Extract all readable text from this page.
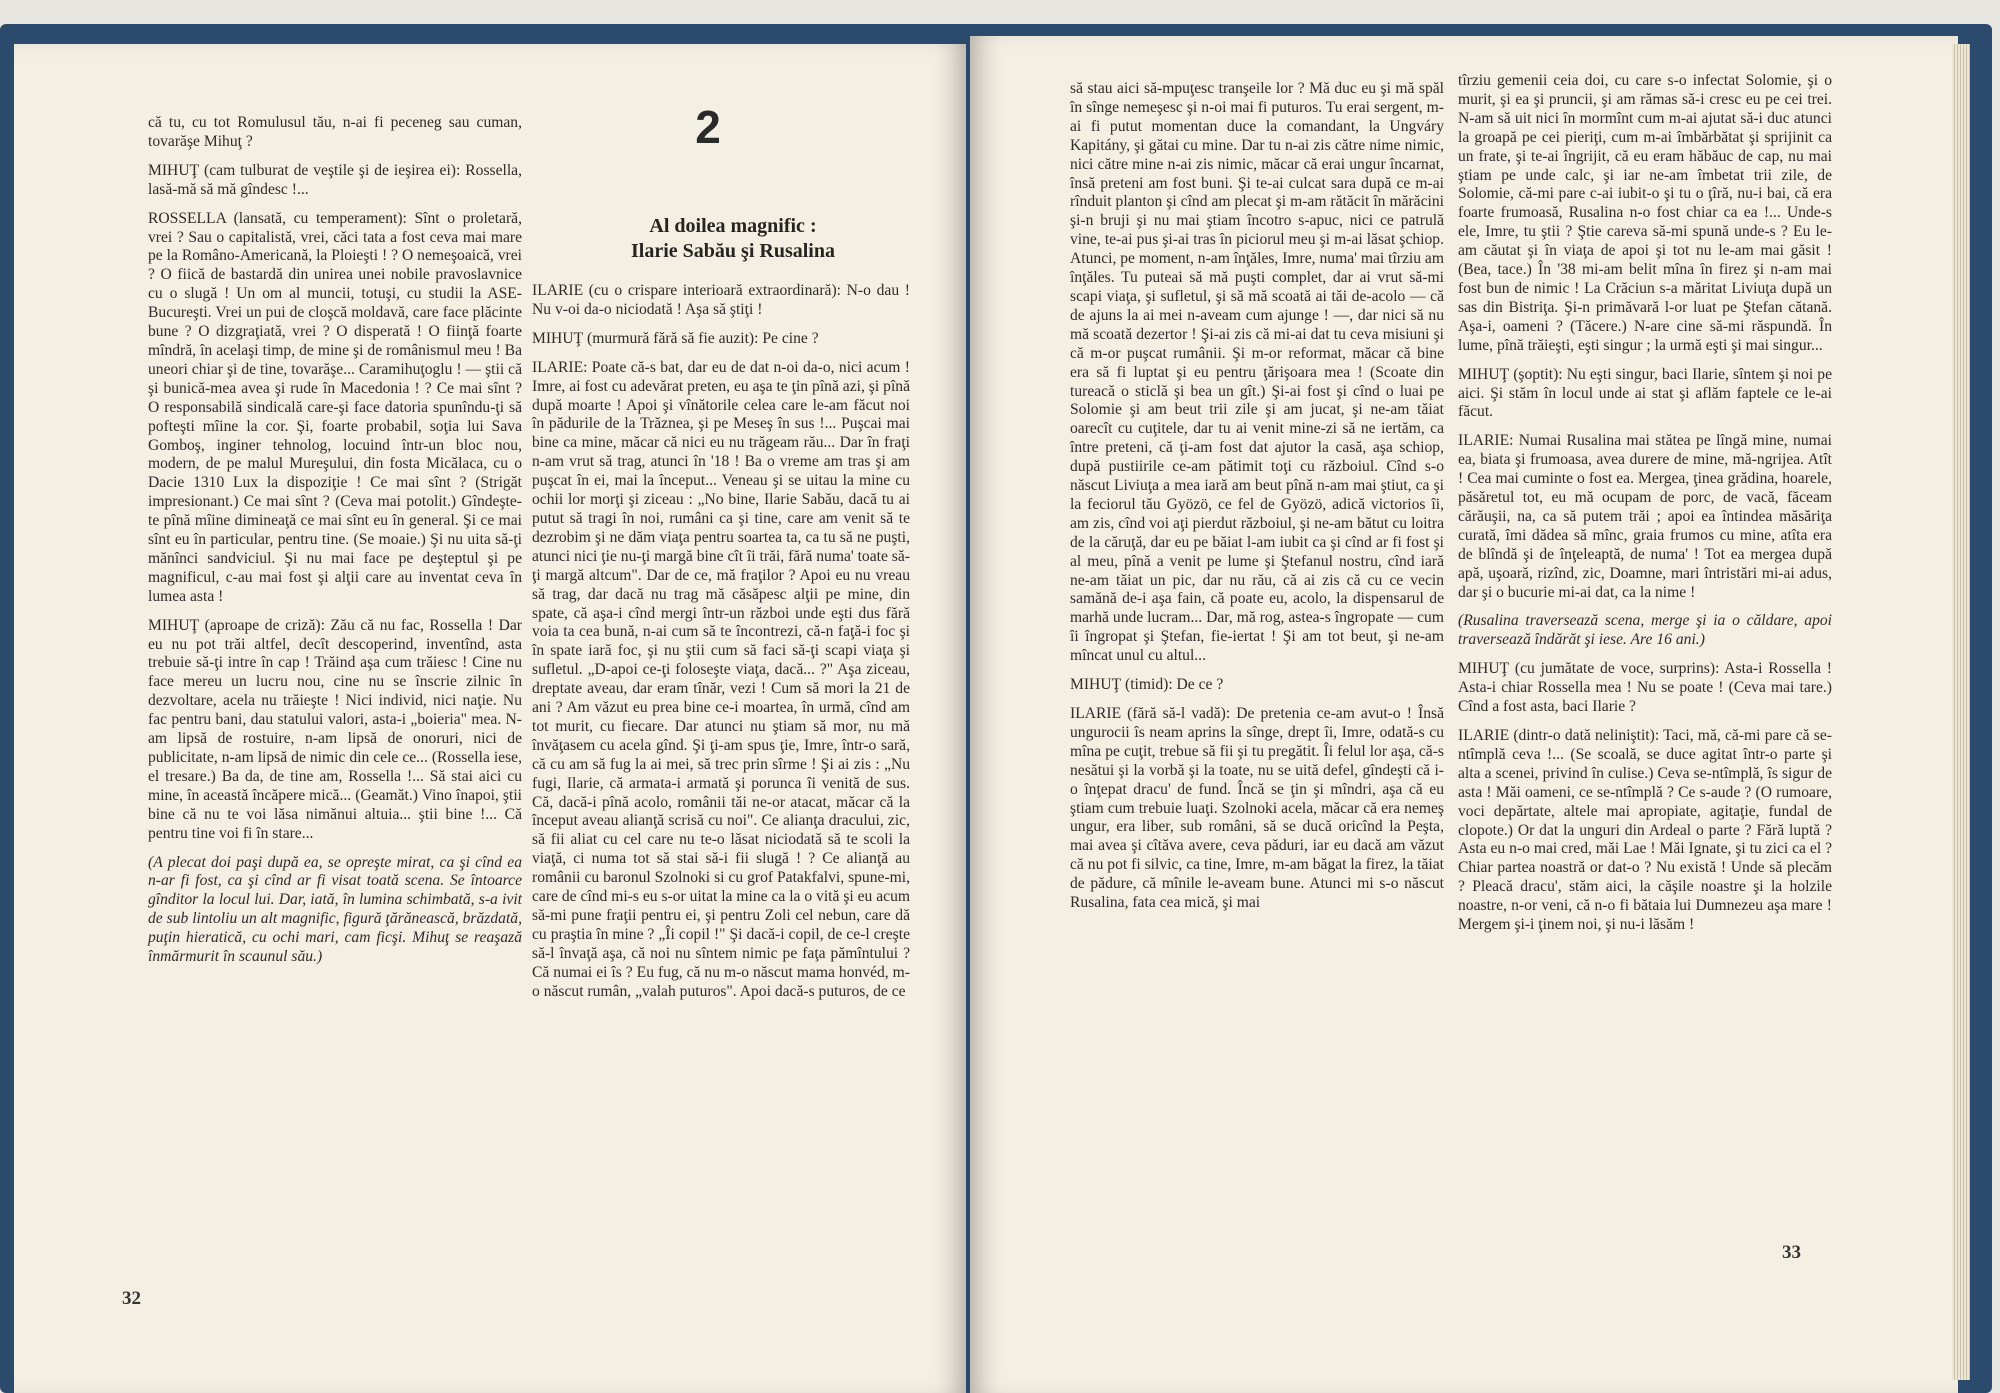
că tu, cu tot Romulusul tău, n-ai fi peceneg sau cuman, tovarăşe Mihuţ ?

MIHUŢ (cam tulburat de veştile şi de ieşirea ei): Rossella, lasă-mă să mă gîndesc !...

ROSSELLA (lansată, cu temperament): Sînt o proletară, vrei ? Sau o capitalistă, vrei, căci tata a fost ceva mai mare pe la Româno-Americană, la Ploieşti ! ? O nemeşoaică, vrei ? O fiică de bastardă din unirea unei nobile pravoslavnice cu o slugă ! Un om al muncii, totuşi, cu studii la ASE-Bucureşti. Vrei un pui de cloşcă moldavă, care face plăcinte bune ? O dizgraţiată, vrei ? O disperată ! O fiinţă foarte mîndră, în acelaşi timp, de mine şi de românismul meu ! Ba uneori chiar şi de tine, tovarăşe... Caramihuţoglu ! — ştii că şi bunică-mea avea şi rude în Macedonia ! ? Ce mai sînt ? O responsabilă sindicală care-şi face datoria spunîndu-ţi să pofteşti mîine la cor. Şi, foarte probabil, soţia lui Sava Gomboş, inginer tehnolog, locuind într-un bloc nou, modern, de pe malul Mureşului, din fosta Micălaca, cu o Dacie 1310 Lux la dispoziţie ! Ce mai sînt ? (Strigăt impresionant.) Ce mai sînt ? (Ceva mai potolit.) Gîndeşte-te pînă mîine dimineaţă ce mai sînt eu în general. Şi ce mai sînt eu în particular, pentru tine. (Se moaie.) Şi nu uita să-ţi mănînci sandviciul. Şi nu mai face pe deşteptul şi pe magnificul, c-au mai fost şi alţii care au inventat ceva în lumea asta !

MIHUŢ (aproape de criză): Zău că nu fac, Rossella ! Dar eu nu pot trăi altfel, decît descoperind, inventînd, asta trebuie să-ţi intre în cap ! Trăind aşa cum trăiesc ! Cine nu face mereu un lucru nou, cine nu se înscrie zilnic în dezvoltare, acela nu trăieşte ! Nici individ, nici naţie. Nu fac pentru bani, dau statului valori, asta-i „boieria" mea. N-am lipsă de rostuire, n-am lipsă de onoruri, nici de publicitate, n-am lipsă de nimic din cele ce... (Rossella iese, el tresare.) Ba da, de tine am, Rossella !... Să stai aici cu mine, în această încăpere mică... (Geamăt.) Vino înapoi, ştii bine că nu te voi lăsa nimănui altuia... ştii bine !... Că pentru tine voi fi în stare...

(A plecat doi paşi după ea, se opreşte mirat, ca şi cînd ea n-ar fi fost, ca şi cînd ar fi visat toată scena. Se întoarce gînditor la locul lui. Dar, iată, în lumina schimbată, s-a ivit de sub lintoliu un alt magnific, figură ţărănească, brăzdată, puţin hieratică, cu ochi mari, cam ficşi. Mihuţ se reaşază înmărmurit în scaunul său.)

2
Al doilea magnific :
Ilarie Sabău şi Rusalina

ILARIE (cu o crispare interioară extraordinară): N-o dau ! Nu v-oi da-o niciodată ! Aşa să ştiţi !

MIHUŢ (murmură fără să fie auzit): Pe cine ?

ILARIE: Poate că-s bat, dar eu de dat n-oi da-o, nici acum ! Imre, ai fost cu adevărat preten, eu aşa te ţin pînă azi, şi pînă după moarte ! Apoi şi vînătorile celea care le-am făcut noi în pădurile de la Trăznea, şi pe Meseş în sus !... Puşcai mai bine ca mine, măcar că nici eu nu trăgeam rău... Dar în fraţi n-am vrut să trag, atunci în '18 ! Ba o vreme am tras şi am puşcat în ei, mai la început... Veneau şi se uitau la mine cu ochii lor morţi şi ziceau : „No bine, Ilarie Sabău, dacă tu ai putut să tragi în noi, rumâni ca şi tine, care am venit să te dezrobim şi ne dăm viaţa pentru soartea ta, ca tu să ne puşti, atunci nici ţie nu-ţi margă bine cît îi trăi, fără numa' toate să-ţi margă altcum". Dar de ce, mă fraţilor ? Apoi eu nu vreau să trag, dar dacă nu trag mă căsăpesc alţii pe mine, din spate, că aşa-i cînd mergi într-un război unde eşti dus fără voia ta cea bună, n-ai cum să te încontrezi, că-n faţă-i foc şi în spate iară foc, şi nu ştii cum să faci să-ţi scapi viaţa şi sufletul. „D-apoi ce-ţi foloseşte viaţa, dacă... ?" Aşa ziceau, dreptate aveau, dar eram tînăr, vezi ! Cum să mori la 21 de ani ? Am văzut eu prea bine ce-i moartea, în urmă, cînd am tot murit, cu fiecare. Dar atunci nu ştiam să mor, nu mă învăţasem cu acela gînd. Şi ţi-am spus ţie, Imre, într-o sară, că cu am să fug la ai mei, să trec prin sîrme ! Şi ai zis : „Nu fugi, Ilarie, că armata-i armată şi porunca îi venită de sus. Că, dacă-i pînă acolo, românii tăi ne-or atacat, măcar că la început aveau alianţă scrisă cu noi". Ce alianţa dracului, zic, să fii aliat cu cel care nu te-o lăsat niciodată să te scoli la viaţă, ci numa tot să stai să-i fii slugă ! ? Ce alianţă au românii cu baronul Szolnoki si cu grof Patakfalvi, spune-mi, care de cînd mi-s eu s-or uitat la mine ca la o vită şi eu acum să-mi pune fraţii pentru ei, şi pentru Zoli cel nebun, care dă cu praştia în mine ? „Îi copil !" Şi dacă-i copil, de ce-l creşte să-l învaţă aşa, că noi nu sîntem nimic pe faţa pămîntului ? Că numai ei îs ? Eu fug, că nu m-o născut mama honvéd, m-o născut rumân, „valah puturos". Apoi dacă-s puturos, de ce

32

să stau aici să-mpuţesc tranşeile lor ? Mă duc eu şi mă spăl în sînge nemeşesc şi n-oi mai fi puturos. Tu erai sergent, m-ai fi putut momentan duce la comandant, la Ungváry Kapitány, şi gătai cu mine. Dar tu n-ai zis către nime nimic, nici către mine n-ai zis nimic, măcar că erai ungur încarnat, însă preteni am fost buni. Şi te-ai culcat sara după ce m-ai rînduit planton şi cînd am plecat şi m-am rătăcit în mărăcini şi-n bruji şi nu mai ştiam încotro s-apuc, nici ce patrulă vine, te-ai pus şi-ai tras în piciorul meu şi m-ai lăsat şchiop. Atunci, pe moment, n-am înţăles, Imre, numa' mai tîrziu am înţăles. Tu puteai să mă puşti complet, dar ai vrut să-mi scapi viaţa, şi sufletul, şi să mă scoată ai tăi de-acolo — că de ajuns la ai mei n-aveam cum ajunge ! —, dar nici să nu mă scoată dezertor ! Şi-ai zis că mi-ai dat tu ceva misiuni şi că m-or puşcat rumânii. Şi m-or reformat, măcar că bine era să fi luptat şi eu pentru ţărişoara mea ! (Scoate din tureacă o sticlă şi bea un gît.) Şi-ai fost şi cînd o luai pe Solomie şi am beut trii zile şi am jucat, şi ne-am tăiat oarecît cu cuţitele, dar tu ai venit mine-zi să ne iertăm, ca între preteni, că ţi-am fost dat ajutor la casă, aşa schiop, după pustiirile ce-am pătimit toţi cu războiul. Cînd s-o născut Liviuţa a mea iară am beut pînă n-am mai ştiut, ca şi la feciorul tău Gyözö, ce fel de Gyözö, adică victorios îi, am zis, cînd voi aţi pierdut războiul, şi ne-am bătut cu loitra de la căruţă, dar eu pe băiat l-am iubit ca şi cînd ar fi fost şi al meu, pînă a venit pe lume şi Ştefanul nostru, cînd iară ne-am tăiat un pic, dar nu rău, că ai zis că cu ce vecin samănă de-i aşa fain, că poate eu, acolo, la dispensarul de marhă unde lucram... Dar, mă rog, astea-s îngropate — cum îi îngropat şi Ştefan, fie-iertat ! Şi am tot beut, şi ne-am mîncat unul cu altul...

MIHUŢ (timid): De ce ?

ILARIE (fără să-l vadă): De pretenia ce-am avut-o ! Însă ungurocii îs neam aprins la sînge, drept îi, Imre, odată-s cu mîna pe cuţit, trebue să fii şi tu pregătit. Îi felul lor aşa, că-s nesătui şi la vorbă şi la toate, nu se uită defel, gîndeşti că i-o înţepat dracu' de fund. Încă se ţin şi mîndri, aşa că eu ştiam cum trebuie luaţi. Szolnoki acela, măcar că era nemeş ungur, era liber, sub români, să se ducă oricînd la Peşta, mai avea şi cîtăva avere, ceva păduri, iar eu dacă am văzut că nu pot fi silvic, ca tine, Imre, m-am băgat la firez, la tăiat de pădure, că mînile le-aveam bune. Atunci mi s-o născut Rusalina, fata cea mică, şi mai

tîrziu gemenii ceia doi, cu care s-o infectat Solomie, şi o murit, şi ea şi pruncii, şi am rămas să-i cresc eu pe cei trei. N-am să uit nici în mormînt cum m-ai ajutat să-i duc atunci la groapă pe cei pieriţi, cum m-ai îmbărbătat şi sprijinit ca un frate, şi te-ai îngrijit, că eu eram hăbăuc de cap, nu mai ştiam pe unde calc, şi iar ne-am îmbetat trii zile, de Solomie, că-mi pare c-ai iubit-o şi tu o ţîră, nu-i bai, că era foarte frumoasă, Rusalina n-o fost chiar ca ea !... Unde-s ele, Imre, tu ştii ? Ştie careva să-mi spună unde-s ? Eu le-am căutat şi în viaţa de apoi şi tot nu le-am mai găsit ! (Bea, tace.) În '38 mi-am belit mîna în firez şi n-am mai fost bun de nimic ! La Crăciun s-a măritat Liviuţa după un sas din Bistriţa. Şi-n primăvară l-or luat pe Ştefan cătană. Aşa-i, oameni ? (Tăcere.) N-are cine să-mi răspundă. În lume, pînă trăieşti, eşti singur ; la urmă eşti şi mai singur...

MIHUŢ (şoptit): Nu eşti singur, baci Ilarie, sîntem şi noi pe aici. Şi stăm în locul unde ai stat şi aflăm faptele ce le-ai făcut.

ILARIE: Numai Rusalina mai stătea pe lîngă mine, numai ea, biata şi frumoasa, avea durere de mine, mă-ngrijea. Atît ! Cea mai cuminte o fost ea. Mergea, ţinea grădina, hoarele, păsăretul tot, eu mă ocupam de porc, de vacă, făceam cărăuşii, na, ca să putem trăi ; apoi ea întindea măsăriţa curată, îmi dădea să mînc, graia frumos cu mine, atîta era de blîndă şi de înţeleaptă, de numa' ! Tot ea mergea după apă, uşoară, rizînd, zic, Doamne, mari întristări mi-ai adus, dar şi o bucurie mi-ai dat, ca la nime !

(Rusalina traversează scena, merge şi ia o căldare, apoi traversează îndărăt şi iese. Are 16 ani.)

MIHUŢ (cu jumătate de voce, surprins): Asta-i Rossella ! Asta-i chiar Rossella mea ! Nu se poate ! (Ceva mai tare.) Cînd a fost asta, baci Ilarie ?

ILARIE (dintr-o dată neliniştit): Taci, mă, că-mi pare că se-ntîmplă ceva !... (Se scoală, se duce agitat într-o parte şi alta a scenei, privind în culise.) Ceva se-ntîmplă, îs sigur de asta ! Măi oameni, ce se-ntîmplă ? Ce s-aude ? (O rumoare, voci depărtate, altele mai apropiate, agitaţie, fundal de clopote.) Or dat la unguri din Ardeal o parte ? Fără luptă ? Asta eu n-o mai cred, măi Lae ! Măi Ignate, şi tu zici ca el ? Chiar partea noastră or dat-o ? Nu există ! Unde să plecăm ? Pleacă dracu', stăm aici, la căşile noastre şi la holzile noastre, n-or veni, că n-o fi bătaia lui Dumnezeu aşa mare ! Mergem şi-i ţinem noi, şi nu-i lăsăm !

33
